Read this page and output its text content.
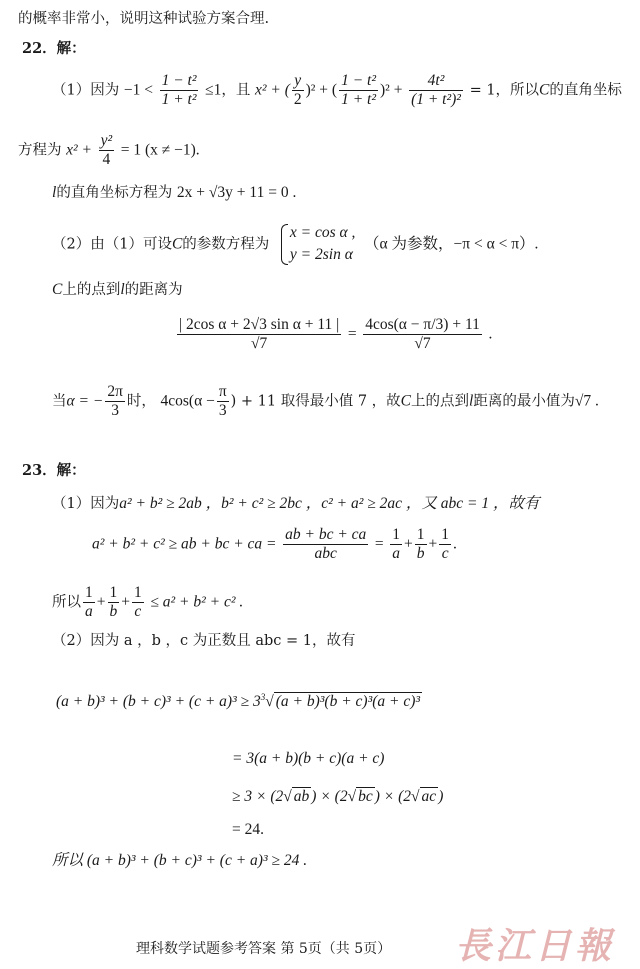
的概率非常小，说明这种试验方案合理.
22．解：
（1）因为 $-1 < \frac{\text{1 − t²}}{\text{1 + t²}} \le 1$，且 x² + ( $\frac{y}{2} )^2$ + ( $\frac{\text{1 − t²}}{\text{1 + t²}} )^2 + \frac{\text{4t²}}{\text{(1 + t²)²}} = 1$，所以C的直角坐标
方程为 $x^2 + \frac{\text{y²}}{4} = 1$ (x ≠ −1).
l的直角坐标方程为 2x + √3y + 11 = 0 .
（2）由（1）可设C的参数方程为
x = cos α ,
y = 2sin α
（α 为参数，−π < α < π）.
C上的点到l的距离为
$\frac{\text{| 2cos α + 2√3 sin α + 11 |}}{√7} = \frac{4\cos(\alpha - \pi/3) + 11}{√7}$ .
当α = − $\frac{2\pi}{3}$ 时， $4\cos(\alpha - \frac{\pi}{3}$ ) + 11 取得最小值 7 ，故C上的点到l距离的最小值为√7 .
23．解：
（1）因为a² + b² ≥ 2ab ，b² + c² ≥ 2bc ，c² + a² ≥ 2ac ，又 abc = 1 ，故有
a² + b² + c² ≥ ab + bc + ca = $\frac{ab + bc + ca}{\text{abc}} = \frac{1}{a} + \frac{1}{b} + \frac{1}{c}$ .
所以 $\frac{1}{a} + \frac{1}{b} + \frac{1}{c} \le a^2 + b^2 + c^2$ .
（2）因为 a ，b ，c 为正数且 abc = 1，故有
$(a + b)^3 + (b + c)^3 + (c + a)^3 \ge 3^3√$ (a + b)³(b + c)³(a + c)³
= 3(a + b)(b + c)(a + c)
≥ 3 × (2√ ab ) × (2√ bc ) × (2√ ac )
= 24.
所以 (a + b)³ + (b + c)³ + (c + a)³ ≥ 24 .
理科数学试题参考答案 第 5页（共 5页） 長江日報
